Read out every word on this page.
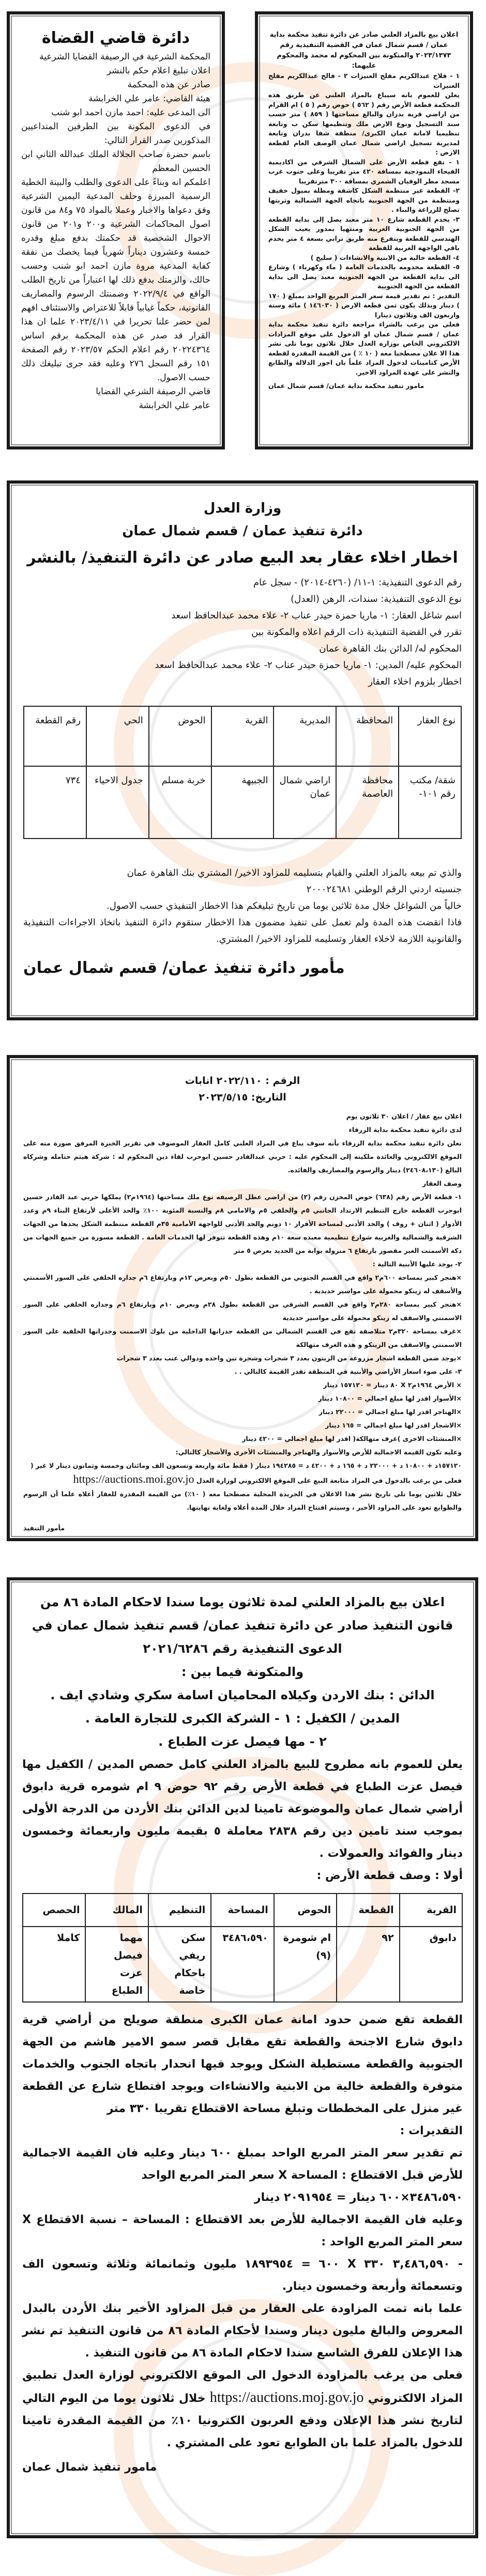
دائرة قاضي القضاة

المحكمة الشرعية في الرصيفة القضايا الشرعية

اعلان تبليغ اعلام حكم بالنشر

صادر عن هذه المحكمة

هيئة القاضي: عامر علي الخرابشة

الى المدعى عليه: احمد مازن احمد ابو شنب

في الدعوى المكونة بين الطرفين المتداعيين المذكورين صدر القرار التالي:

باسم حضرة صاحب الجلالة الملك عبدالله الثاني ابن الحسين المعظم

اعلمكم انه وبناءً على الدعوى والطلب والبينة الخطية الرسمية المبرزة وحلف المدعية اليمين الشرعية وفق دعواها والاخبار وعملا بالمواد ٧٥ و٨٤ من قانون اصول المحاكمات الشرعية و٢٠٠ و٢٠١ من قانون الاحوال الشخصية قد حكمتك بدفع مبلغ وقدره خمسة وعشرون ديناراً شهرياً فيما يخصك من نفقة كفاية المدعية مروة مازن احمد ابو شنب وحسب حالك، والزمتك بدفع ذلك لها اعتباراً من تاريخ الطلب الواقع في ٢٠٢٢/٩/٤ وضمنتك الرسوم والمصاريف القانونية، حكماً غيابياً قابلاً للاعتراض والاستئناف افهم لمن حضر علنا تحريرا في ٢٠٢٣/٤/١١ علما ان هذا القرار قد صدر عن هذه المحكمة برقم اساس ٢٠٢٢٤٣٦٤ رقم اعلام الحكم ٢٠٢٣/٥٧ رقم الصفحة ١٥١ رقم السجل ٢٧٦ وعليه فقد جرى تبليغك ذلك حسب الاصول.

قاضي الرصيفة الشرعي القضايا

عامر علي الخرابشة

اعلان بيع بالمزاد العلني صادر عن دائرة تنفيذ محكمة بداية عمان / قسم شمال عمان في القضية التنفيذية رقم ٢٠٢٣/١٣٧٣ والمتكونة بين المحكوم له محمد والمحكوم عليهما:

١ - فلاح عبدالكريم مفلح العنيزات ٢ - فالح عبدالكريم مفلح العنيزات

يعلن للعموم بانه سيباع بالمزاد العلني عن طريق هذه المحكمة قطعة الأرض رقم ( ٥٦٢ ) حوض رقم ( ٥ ) ام القرام من اراضي قرية بدران والبالغ مساحتها ( ٨٥٩ ) متر حسب سند التسجيل ونوع الارض ملك وتنظيمها سكن ب وتابعة تنظيميا لامانة عمان الكبرى/ منطقة شفا بدران وتابعة لمديرية تسجيل اراضي شمال عمان الوصف العام لقطعة الارض :

١ - تقع قطعة الأرض على الشمال الشرقي من اكاديمية الفيحاء النموذجية بمسافة ٤٢٠ متر تقريبا وعلى جنوب غرب مسجد مطر الوقيان الشمري بمسافة ٣٠٠ مترتقريبا

٢- القطعة غير منتظمة الشكل كاشفة ومطلة بميول خفيف ومنتظمة من الجهة الجنوبية باتجاه الجهة الشمالية وتربتها تصلح للزراعة والبناء .

٣- يخدم القطعة شارع ١٠ متر معبد يصل إلى بداية القطعة من الجهة الجنوبية الغربية ومنتهيا بمدور يعيب الشكل الهندسي للقطعة ويتفرع منه طريق ترابي بسعة ٤ متر يخدم باقي الواجهة الغربية للقطعة

٤- القطعة خالية من الابنية والانشاءات ( سليخ )

٥- القطعة مخدومه بالخدمات العامة ( ماء وكهرباء ) وشارع الى بداية القطعة من الجهة الجنوبية معبد يصل الى بداية القطعة من الجهة الجنوبية

التقدير : تم تقدير قيمة سعر المتر المربع الواحد بمبلغ ( ١٧٠ ) دينار وبذلك يكون ثمن قطعة الارض ( ١٤٦٠٣٠ ) مائة وستة واربعون الف وثلاثون دينارا

فعلى من يرغب بالشراء مراجعة دائرة تنفيذ محكمة بداية عمان / قسم شمال عمان او الدخول على موقع المزادات الالكتروني الخاص بوزارة العدل خلال ثلاثون يوما تلى نشر هذا الا علان مصطحبا معه ( ١٠ ٪ ) من القيمة المقدرة لقطعة الأرض كتامينات لدخول المزاد علماً بان اجور الدلالة والطابع والنشر على عهدة المزاود الاخير.

مامور تنفيذ محكمة بداية عمان/ قسم شمال عمان

وزارة العدل

دائرة تنفيذ عمان / قسم شمال عمان

اخطار اخلاء عقار بعد البيع صادر عن دائرة التنفيذ/ بالنشر

رقم الدعوى التنفيذية: ١-١١/ (٤٢٦٠-٢٠١٤) - سجل عام

نوع الدعوى التنفيذية: سندات، الرهن (العدل)

اسم شاغل العقار: ١- ماريا حمزة حيدر عناب ٢- علاء محمد عبدالحافظ اسعد

تقرر في القضية التنفيذية ذات الرقم اعلاه والمكونة بين

المحكوم له/ الدائن بنك القاهرة عمان

المحكوم عليه/ المدين: ١- ماريا حمزة حيدر عناب ٢- علاء محمد عبدالحافظ اسعد

اخطار بلزوم اخلاء العقار

نوع العقار	المحافظة	المديرية	القرية	الحوض	الحي	رقم القطعة
شقة/ مكتب رقم ١٠١-	محافظة العاصمة	اراضي شمال عمان	الجبيهة	خربة مسلم	جدول الاحياء	٧٣٤

والذي تم بيعه بالمزاد العلني والقيام بتسليمه للمزاود الاخير/ المشتري بنك القاهرة عمان

جنسيته اردني الرقم الوطني ٢٠٠٠٢٤٦٨١

خالياً من الشواغل خلال مدة ثلاثين يوما من تاريخ تبليغكم هذا الاخطار التنفيذي حسب الاصول.

فاذا انقضت هذه المدة ولم تعمل على تنفيذ مضمون هذا الاخطار ستقوم دائرة التنفيذ باتخاذ الاجراءات التنفيذية والقانونية اللازمة لاخلاء العقار وتسليمه للمزاود الاخير/ المشتري.

مأمور دائرة تنفيذ عمان/ قسم شمال عمان

الرقم : ٢٠٢٢/١١٠ انابات

التاريخ: ٢٠٢٣/٥/١٥

اعلان بيع عقار / اعلان ٣٠ ثلاثون يوم

لدى دائرة تنفيذ محكمة بداية الزرقاء

تعلن دائرة تنفيذ محكمة بداية الزرقاء بأنه سوف يباع في المزاد العلني كامل العقار الموصوف في تقرير الخبرة المرفق صورة منه على الموقع الالكتروني والعائدة ملكيته إلى المحكوم عليه : حربي عبدالقادر حسين ابوحرب لقاء دين المحكوم له : شركة هيثم حتامله وشركاه البالغ (٢٤٦٠٨،١٣٠) دينار والرسوم والمصاريف والفائده.

وصف العقار

١- قطعة الأرض رقم (٦٣٨) حوض المخزن رقم (٢) من اراضي عطل الرصيفه نوع ملك مساحتها (١٩٦٤م٢) يملكها حربي عبد القادر حسين ابوحرب القطعة خارج التنظيم الارتداد الجانبي ٥م والخلفي ٥م والامامي ٨م والنسبة المئوية ١٠٠٪ والحد الأعلى لأرتفاع البناء ٩م وعدد الأدوار ( اثنان + روف ) والحد الأدنى لمساحة الأفراز ١٠ دونم والحد الأدنى للواجهة الأمامية ٣٥م القطعة منتظمة الشكل يحدها من الجهات الشرقية والشمالية والغربية شوارع تنظيمية معبده سعة ١٠م وهذه القطعة تتوفر لها الخدمات العامة . القطعة مسورة من جميع الجهات من دكة الأسمنت الغير مقصور بارتفاع ٦ متروله بوابة من الحديد بعرض ٥ متر

٢- يوجد عليها الأبنية التالية :

×هنجر كبير بمساحة ٦٠٠م٢ واقع في القسم الجنوبي من القطعة بطول ٥٠م وبعرض ١٢م وبارتفاع ٦م جداره الخلفي على السور الأسمنتي والأسقف له زينكو محمولة على مواسير حديدية .

×هنجر كبير بمساحة ٢٨٠م٢ واقع في القسم الشرقي من القطعة بطول ٢٨م وبعرض ١٠م وبارتفاع ٦م وجداره الخلفي على السور الاسمنتي والاسقف له زينكو محمولة على مواسير حديدية

×غرف بمساحة ٣٢٠م٢ متلاصقة تقع في القسم الشمالي من القطعة جدرانها الداخلية من بلوك الاسمنت وجدرانها الخلفية على السور الاسمنتي والاسقف من الزينكو و هذه الغرف متهالكة

×يوجد ضمن القطعة اشجار مزروعة من الزيتون بعدد ٣ شجرات وشجرة تين واحده ودوالي عنب بعدد ٣ شجرات

٣- على ضوء اسعار الأراضي والأبنية في المنطقة تقدر القيمة كالتالي . .

× الأرض ١٩٦٤م٢ X ٨٠ دينار = ١٥٧١٢٠ دينار

×الأسوار اقدر لها مبلغ اجمالي = ١٠٨٠٠ دينار

×الهناجر اقدر لها مبلغ اجمالي = ٢٢٠٠٠ دينار

×الاشجار اقدر لها مبلغ اجمالي = ١٦٥ دينار

×المنشئات الاخرى )غرف متهالكة( اقدر لها مبلغ اجمالي = ٤٢٠٠ دينار

وعليه تكون القيمة الاجمالية للأرض والأسوار والهناجر والمنشئات الأخرى والأشجار كالتالي:

١٥٧١٢٠د + ١٠٨٠٠ د + ٢٢٠٠٠ د + ١٦٥ د + ٤٢٠٠ د = ١٩٤٢٨٥ دينار ( فقط مائة واربعة وتسعون الف ومائتان وخمسة وثمانون دينار لا غير (

فعلى من يرغب بالدخول في المزاد متابعة البيع على الموقع الالكتروني لوزارة العدل https://auctions.moi.gov.jo

خلال ثلاثين يوما تلي تاريخ نشر هذا الاعلان في الجريدة المحلية مصطحبا معه ( ١٠٪) من القيمة المقدرة للعقار أعلاه علما أن الرسوم والطوابع تعود على المزاود الأخير ، وسيتم افتتاح المزاد خلال المدة أعلاه ولغاية نهايتها.

مأمور التنفيذ

اعلان بيع بالمزاد العلني لمدة ثلاثون يوما سندا لاحكام المادة ٨٦ من قانون التنفيذ صادر عن دائرة تنفيذ عمان/ قسم تنفيذ شمال عمان في الدعوى التنفيذية رقم ٢٠٢١/٦٢٨٦

والمتكونة فيما بين :

الدائن : بنك الاردن وكيلاه المحاميان اسامة سكري وشادي ايف .

المدين / الكفيل : ١ - الشركة الكبرى للتجارة العامة .

٢ - مها فيصل عزت الطباع .

يعلن للعموم بانه مطروح للبيع بالمزاد العلني كامل حصص المدين / الكفيل مها فيصل عزت الطباع في قطعة الأرض رقم ٩٢ حوض ٩ ام شومره قرية دابوق أراضي شمال عمان والموضوعة تامينا لدين الدائن بنك الأردن من الدرجة الأولى بموجب سند تامين دين رقم ٢٨٣٨ معاملة ٥ بقيمة مليون واربعمائة وخمسون دينار والفوائد والعمولات .

أولا : وصف قطعة الأرض :

القرية	القطعة	الحوض	المساحة	التنظيم	المالك	الحصص
دابوق	٩٢	ام شومرة (٩)	٣٤٨٦،٥٩٠	سكن ريفي باحكام خاصة	مهما فيصل عزت الطباع	كاملا

القطعة تقع ضمن حدود امانة عمان الكبرى منطقة صويلح من أراضي قرية دابوق شارع الاجنحة والقطعة تقع مقابل قصر سمو الامير هاشم من الجهة الجنوبية والقطعة مستطيلة الشكل ويوجد فيها انحدار باتجاه الجنوب والخدمات متوفرة والقطعة خالية من الابنية والانشاءات ويوجد افتطاع شارع عن القطعة غير منزل على المخططات وتبلغ مساحة الاقتطاع تقريبا ٣٣٠ متر

التقديرات :

تم تقدير سعر المتر المربع الواحد بمبلغ ٦٠٠ دينار وعليه فان القيمة الاجمالية للأرض قبل الاقتطاع : المساحة X سعر المتر المربع الواحد

٣٤٨٦،٥٩٠×٦٠٠ دينار = ٢٠٩١٩٥٤ دينار

وعليه فان القيمة الاجمالية للأرض بعد الاقتطاع : المساحة – نسبة الاقتطاع X سعر المتر المربع الواحد :

- ٣,٤٨٦,٥٩٠ ٣٣٠ X ٦٠٠ = ١٨٩٣٩٥٤ مليون وثمانمائة وثلاثة وتسعون الف وتسعمائة وأربعة وخمسون دينار.

علما بانه تمت المزاودة على العقار من قبل المزاود الأخير بنك الأردن بالبدل المعروض والبالغ مليون دينار وسندا لأحكام المادة ٨٦ من قانون التنفيذ تم نشر هذا الإعلان للفرق الشاسع سندا لاحكام المادة ٨٦ من قانون التنفيذ .

فعلى من يرغب بالمزاودة الدخول الى الموقع الالكتروني لوزارة العدل تطبيق المزاد الالكتروني https://auctions.moj.gov.jo خلال ثلاثون يوما من اليوم التالي لتاريخ نشر هذا الإعلان ودفع العربون الكترونيا ١٠٪ من القيمة المقدرة تامينا للدخول بالمزاد علما بان الطوابع تعود على المشتري .

مامور تنفيذ شمال عمان
